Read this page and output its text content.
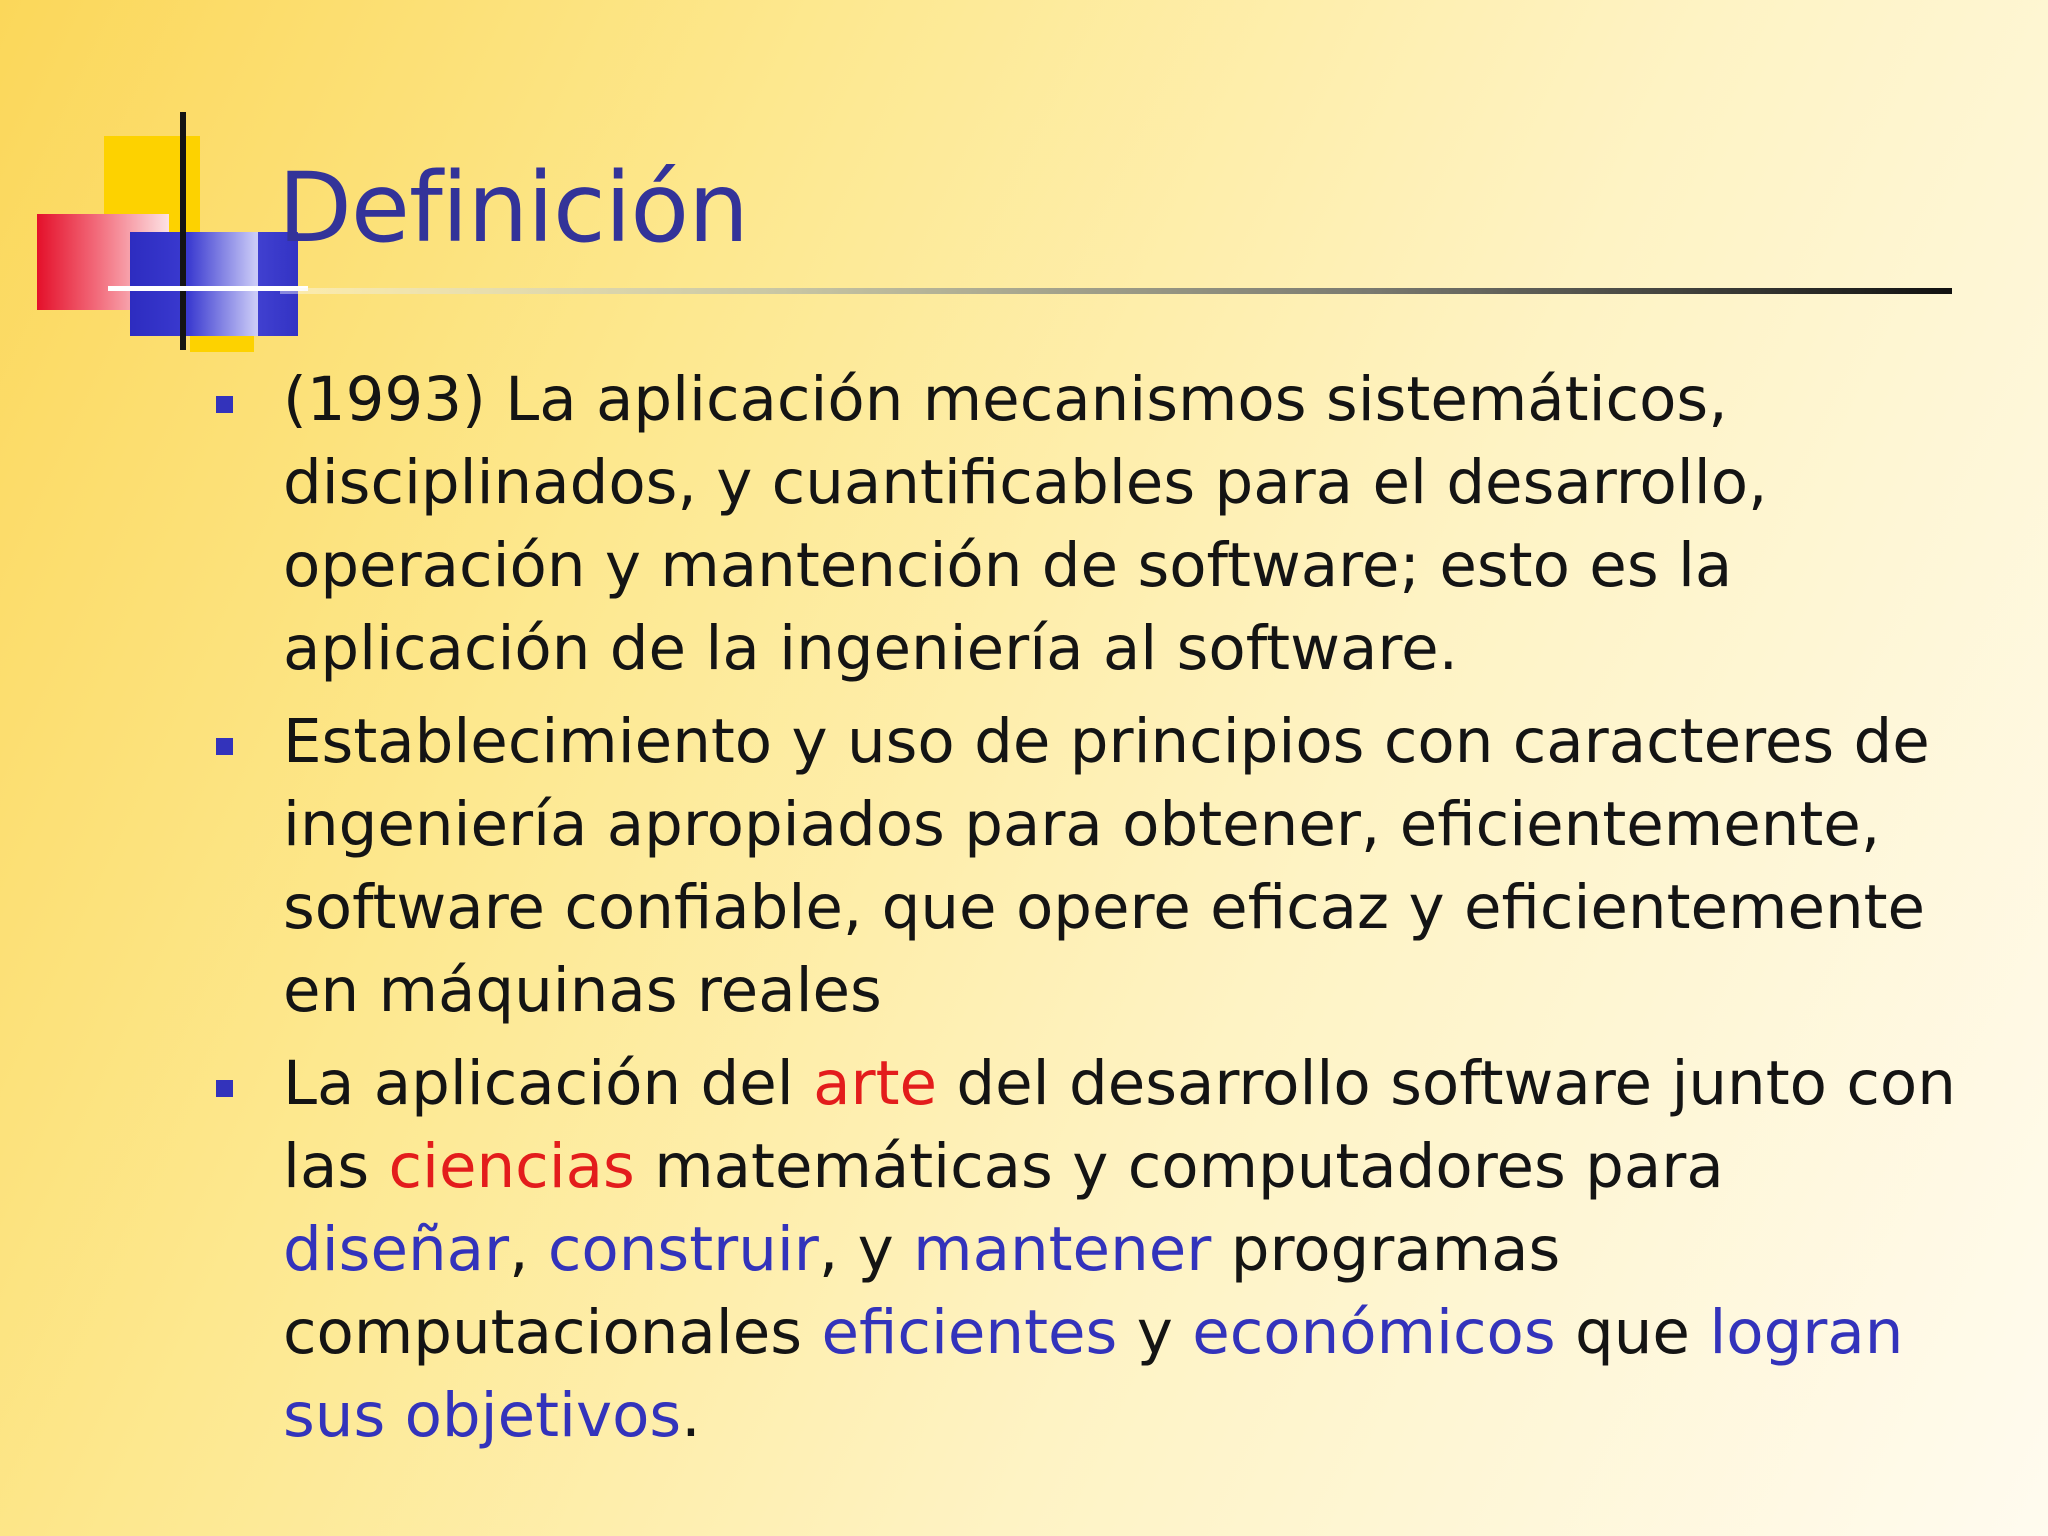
Definición
(1993) La aplicación mecanismos sistemáticos, disciplinados, y cuantificables para el desarrollo, operación y mantención de software; esto es la aplicación de la ingeniería al software.
Establecimiento y uso de principios con caracteres de ingeniería apropiados para obtener, eficientemente, software confiable, que opere eficaz y eficientemente en máquinas reales
La aplicación del arte del desarrollo software junto con las ciencias matemáticas y computadores para diseñar, construir, y mantener programas computacionales eficientes y económicos que logran sus objetivos.
